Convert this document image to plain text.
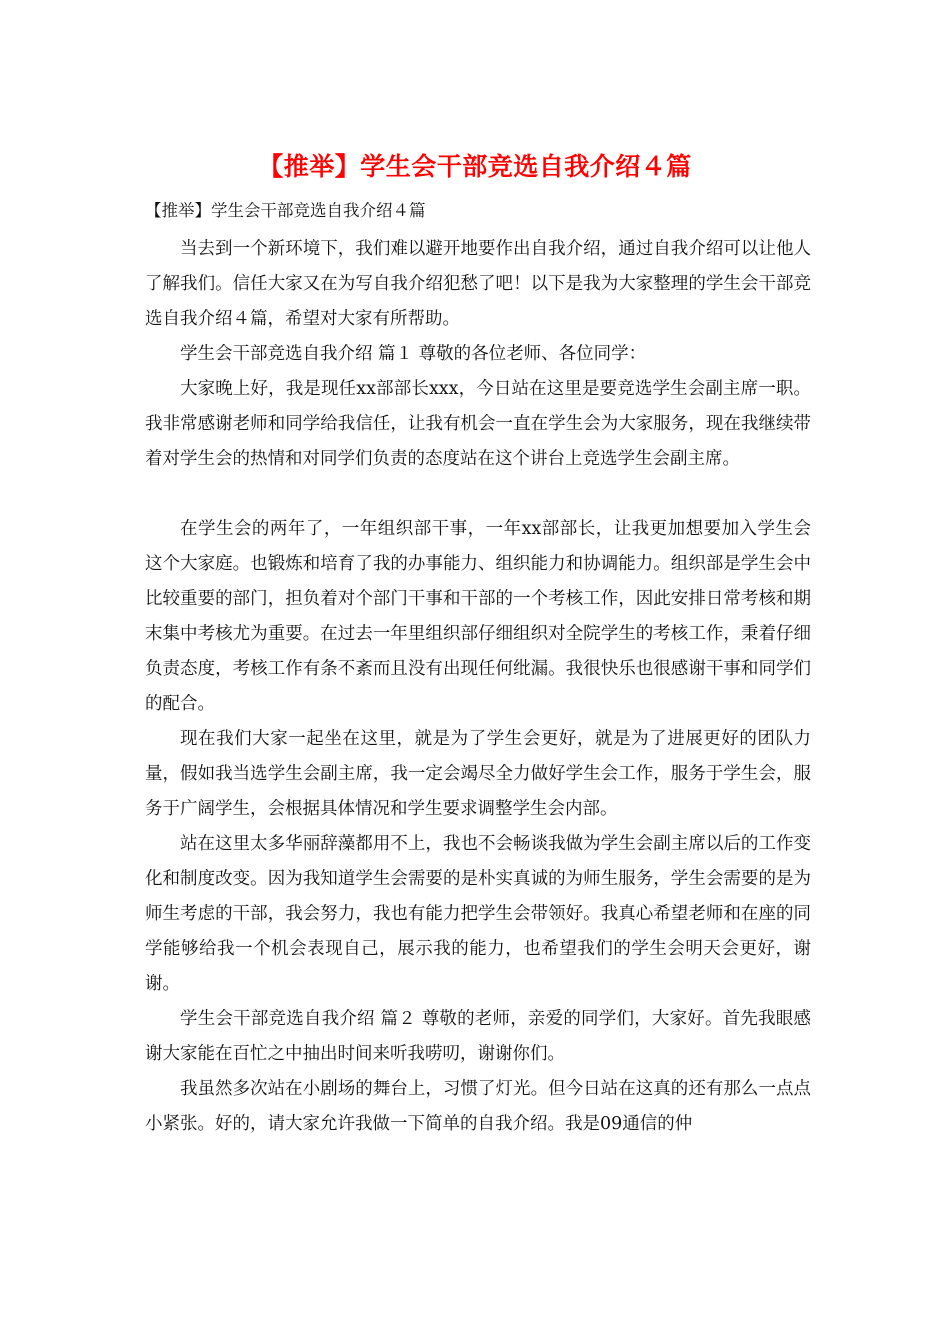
【推举】学生会干部竞选自我介绍４篇

【推举】学生会干部竞选自我介绍４篇

当去到一个新环境下，我们难以避开地要作出自我介绍，通过自我介绍可以让他人了解我们。信任大家又在为写自我介绍犯愁了吧！以下是我为大家整理的学生会干部竞选自我介绍４篇，希望对大家有所帮助。

学生会干部竞选自我介绍 篇１ 尊敬的各位老师、各位同学：

大家晚上好，我是现任xx部部长xxx，今日站在这里是要竞选学生会副主席一职。我非常感谢老师和同学给我信任，让我有机会一直在学生会为大家服务，现在我继续带着对学生会的热情和对同学们负责的态度站在这个讲台上竞选学生会副主席。

在学生会的两年了，一年组织部干事，一年xx部部长，让我更加想要加入学生会这个大家庭。也锻炼和培育了我的办事能力、组织能力和协调能力。组织部是学生会中比较重要的部门，担负着对个部门干事和干部的一个考核工作，因此安排日常考核和期末集中考核尤为重要。在过去一年里组织部仔细组织对全院学生的考核工作，秉着仔细负责态度，考核工作有条不紊而且没有出现任何纰漏。我很快乐也很感谢干事和同学们的配合。

现在我们大家一起坐在这里，就是为了学生会更好，就是为了进展更好的团队力量，假如我当选学生会副主席，我一定会竭尽全力做好学生会工作，服务于学生会，服务于广阔学生，会根据具体情况和学生要求调整学生会内部。

站在这里太多华丽辞藻都用不上，我也不会畅谈我做为学生会副主席以后的工作变化和制度改变。因为我知道学生会需要的是朴实真诚的为师生服务，学生会需要的是为师生考虑的干部，我会努力，我也有能力把学生会带领好。我真心希望老师和在座的同学能够给我一个机会表现自己，展示我的能力，也希望我们的学生会明天会更好，谢谢。

学生会干部竞选自我介绍 篇２ 尊敬的老师，亲爱的同学们，大家好。首先我眼感谢大家能在百忙之中抽出时间来听我唠叨，谢谢你们。

我虽然多次站在小剧场的舞台上，习惯了灯光。但今日站在这真的还有那么一点点小紧张。好的，请大家允许我做一下简单的自我介绍。我是09通信的仲
